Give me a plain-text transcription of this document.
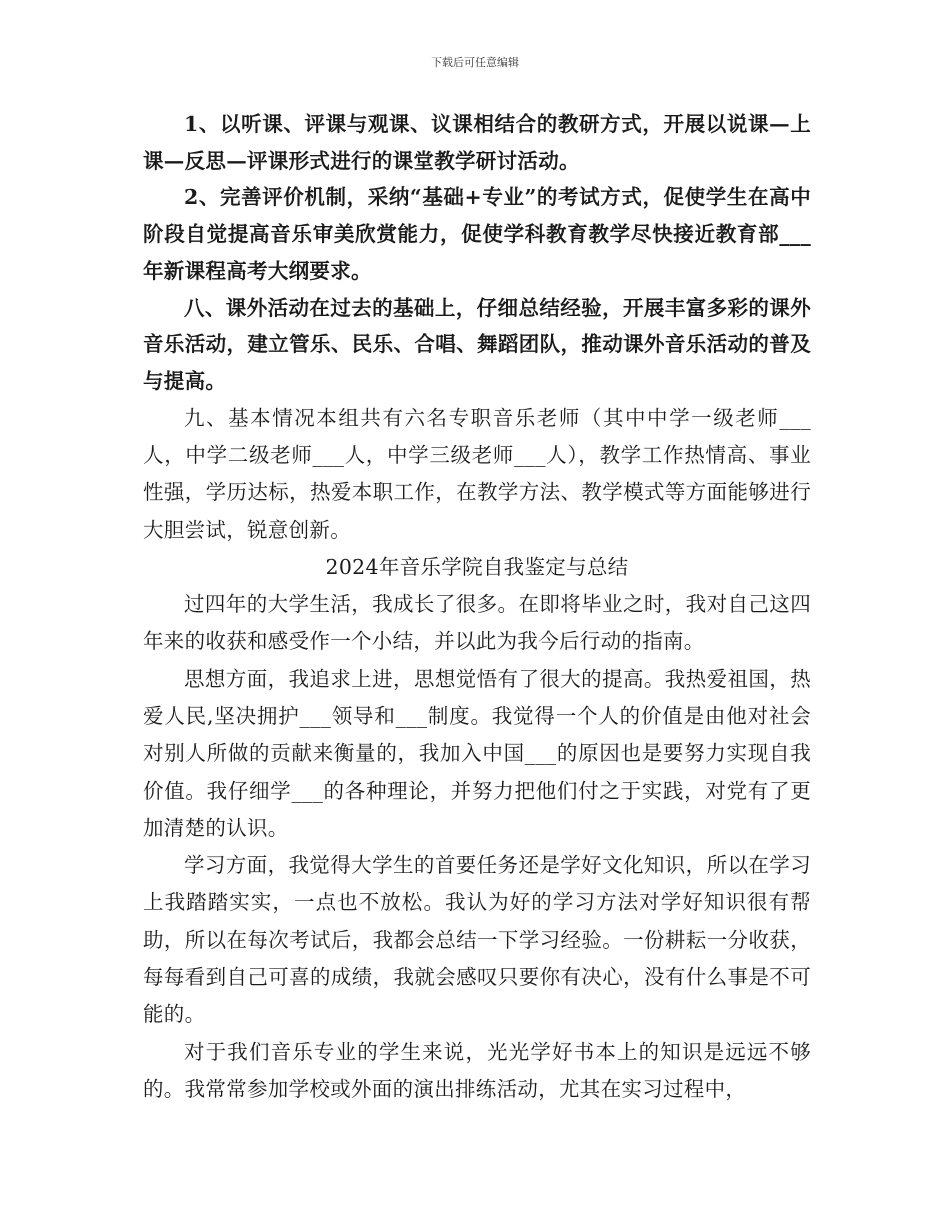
下载后可任意编辑

1、以听课、评课与观课、议课相结合的教研方式，开展以说课—上课—反思—评课形式进行的课堂教学研讨活动。

2、完善评价机制，采纳“基础+专业”的考试方式，促使学生在高中阶段自觉提高音乐审美欣赏能力，促使学科教育教学尽快接近教育部___年新课程高考大纲要求。

八、课外活动在过去的基础上，仔细总结经验，开展丰富多彩的课外音乐活动，建立管乐、民乐、合唱、舞蹈团队，推动课外音乐活动的普及与提高。

九、基本情况本组共有六名专职音乐老师（其中中学一级老师___人，中学二级老师___人，中学三级老师___人），教学工作热情高、事业性强，学历达标，热爱本职工作，在教学方法、教学模式等方面能够进行大胆尝试，锐意创新。

2024年音乐学院自我鉴定与总结

过四年的大学生活，我成长了很多。在即将毕业之时，我对自己这四年来的收获和感受作一个小结，并以此为我今后行动的指南。

思想方面，我追求上进，思想觉悟有了很大的提高。我热爱祖国，热爱人民,坚决拥护___领导和___制度。我觉得一个人的价值是由他对社会对别人所做的贡献来衡量的，我加入中国___的原因也是要努力实现自我价值。我仔细学___的各种理论，并努力把他们付之于实践，对党有了更加清楚的认识。

学习方面，我觉得大学生的首要任务还是学好文化知识，所以在学习上我踏踏实实，一点也不放松。我认为好的学习方法对学好知识很有帮助，所以在每次考试后，我都会总结一下学习经验。一份耕耘一分收获，每每看到自己可喜的成绩，我就会感叹只要你有决心，没有什么事是不可能的。

对于我们音乐专业的学生来说，光光学好书本上的知识是远远不够的。我常常参加学校或外面的演出排练活动，尤其在实习过程中，
